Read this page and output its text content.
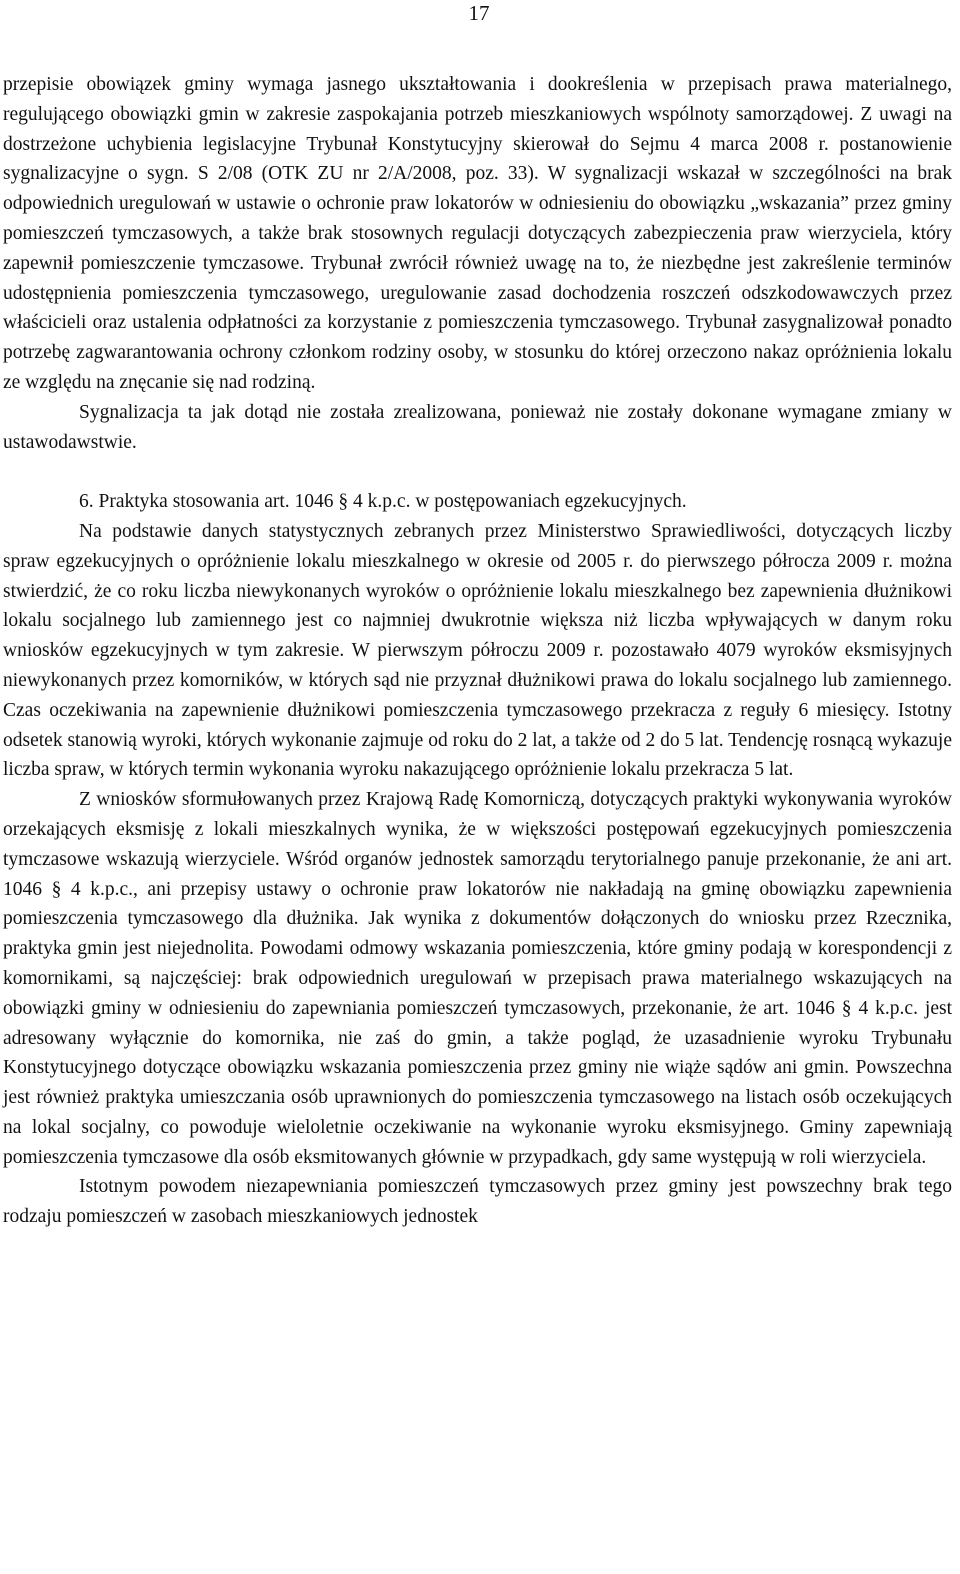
17

przepisie obowiązek gminy wymaga jasnego ukształtowania i dookreślenia w przepisach prawa materialnego, regulującego obowiązki gmin w zakresie zaspokajania potrzeb mieszkaniowych wspólnoty samorządowej. Z uwagi na dostrzeżone uchybienia legislacyjne Trybunał Konstytucyjny skierował do Sejmu 4 marca 2008 r. postanowienie sygnalizacyjne o sygn. S 2/08 (OTK ZU nr 2/A/2008, poz. 33). W sygnalizacji wskazał w szczególności na brak odpowiednich uregulowań w ustawie o ochronie praw lokatorów w odniesieniu do obowiązku „wskazania” przez gminy pomieszczeń tymczasowych, a także brak stosownych regulacji dotyczących zabezpieczenia praw wierzyciela, który zapewnił pomieszczenie tymczasowe. Trybunał zwrócił również uwagę na to, że niezbędne jest zakreślenie terminów udostępnienia pomieszczenia tymczasowego, uregulowanie zasad dochodzenia roszczeń odszkodowawczych przez właścicieli oraz ustalenia odpłatności za korzystanie z pomieszczenia tymczasowego. Trybunał zasygnalizował ponadto potrzebę zagwarantowania ochrony członkom rodziny osoby, w stosunku do której orzeczono nakaz opróżnienia lokalu ze względu na znęcanie się nad rodziną.

Sygnalizacja ta jak dotąd nie została zrealizowana, ponieważ nie zostały dokonane wymagane zmiany w ustawodawstwie.

6. Praktyka stosowania art. 1046 § 4 k.p.c. w postępowaniach egzekucyjnych.

Na podstawie danych statystycznych zebranych przez Ministerstwo Sprawiedliwości, dotyczących liczby spraw egzekucyjnych o opróżnienie lokalu mieszkalnego w okresie od 2005 r. do pierwszego półrocza 2009 r. można stwierdzić, że co roku liczba niewykonanych wyroków o opróżnienie lokalu mieszkalnego bez zapewnienia dłużnikowi lokalu socjalnego lub zamiennego jest co najmniej dwukrotnie większa niż liczba wpływających w danym roku wniosków egzekucyjnych w tym zakresie. W pierwszym półroczu 2009 r. pozostawało 4079 wyroków eksmisyjnych niewykonanych przez komorników, w których sąd nie przyznał dłużnikowi prawa do lokalu socjalnego lub zamiennego. Czas oczekiwania na zapewnienie dłużnikowi pomieszczenia tymczasowego przekracza z reguły 6 miesięcy. Istotny odsetek stanowią wyroki, których wykonanie zajmuje od roku do 2 lat, a także od 2 do 5 lat. Tendencję rosnącą wykazuje liczba spraw, w których termin wykonania wyroku nakazującego opróżnienie lokalu przekracza 5 lat.

Z wniosków sformułowanych przez Krajową Radę Komorniczą, dotyczących praktyki wykonywania wyroków orzekających eksmisję z lokali mieszkalnych wynika, że w większości postępowań egzekucyjnych pomieszczenia tymczasowe wskazują wierzyciele. Wśród organów jednostek samorządu terytorialnego panuje przekonanie, że ani art. 1046 § 4 k.p.c., ani przepisy ustawy o ochronie praw lokatorów nie nakładają na gminę obowiązku zapewnienia pomieszczenia tymczasowego dla dłużnika. Jak wynika z dokumentów dołączonych do wniosku przez Rzecznika, praktyka gmin jest niejednolita. Powodami odmowy wskazania pomieszczenia, które gminy podają w korespondencji z komornikami, są najczęściej: brak odpowiednich uregulowań w przepisach prawa materialnego wskazujących na obowiązki gminy w odniesieniu do zapewniania pomieszczeń tymczasowych, przekonanie, że art. 1046 § 4 k.p.c. jest adresowany wyłącznie do komornika, nie zaś do gmin, a także pogląd, że uzasadnienie wyroku Trybunału Konstytucyjnego dotyczące obowiązku wskazania pomieszczenia przez gminy nie wiąże sądów ani gmin. Powszechna jest również praktyka umieszczania osób uprawnionych do pomieszczenia tymczasowego na listach osób oczekujących na lokal socjalny, co powoduje wieloletnie oczekiwanie na wykonanie wyroku eksmisyjnego. Gminy zapewniają pomieszczenia tymczasowe dla osób eksmitowanych głównie w przypadkach, gdy same występują w roli wierzyciela.

Istotnym powodem niezapewniania pomieszczeń tymczasowych przez gminy jest powszechny brak tego rodzaju pomieszczeń w zasobach mieszkaniowych jednostek
